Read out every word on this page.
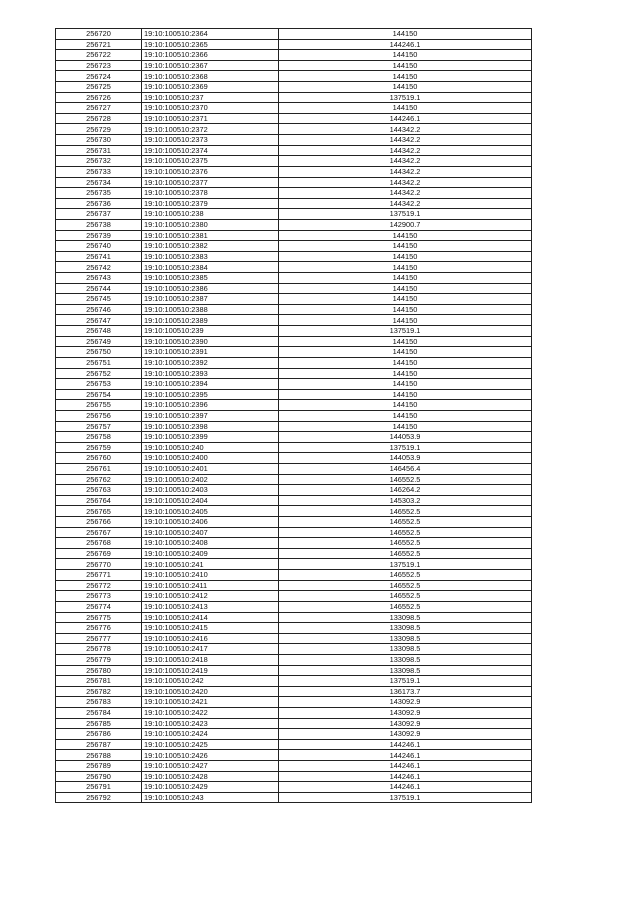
256720	19:10:100510:2364	144150
256721	19:10:100510:2365	144246.1
256722	19:10:100510:2366	144150
256723	19:10:100510:2367	144150
256724	19:10:100510:2368	144150
256725	19:10:100510:2369	144150
256726	19:10:100510:237	137519.1
256727	19:10:100510:2370	144150
256728	19:10:100510:2371	144246.1
256729	19:10:100510:2372	144342.2
256730	19:10:100510:2373	144342.2
256731	19:10:100510:2374	144342.2
256732	19:10:100510:2375	144342.2
256733	19:10:100510:2376	144342.2
256734	19:10:100510:2377	144342.2
256735	19:10:100510:2378	144342.2
256736	19:10:100510:2379	144342.2
256737	19:10:100510:238	137519.1
256738	19:10:100510:2380	142900.7
256739	19:10:100510:2381	144150
256740	19:10:100510:2382	144150
256741	19:10:100510:2383	144150
256742	19:10:100510:2384	144150
256743	19:10:100510:2385	144150
256744	19:10:100510:2386	144150
256745	19:10:100510:2387	144150
256746	19:10:100510:2388	144150
256747	19:10:100510:2389	144150
256748	19:10:100510:239	137519.1
256749	19:10:100510:2390	144150
256750	19:10:100510:2391	144150
256751	19:10:100510:2392	144150
256752	19:10:100510:2393	144150
256753	19:10:100510:2394	144150
256754	19:10:100510:2395	144150
256755	19:10:100510:2396	144150
256756	19:10:100510:2397	144150
256757	19:10:100510:2398	144150
256758	19:10:100510:2399	144053.9
256759	19:10:100510:240	137519.1
256760	19:10:100510:2400	144053.9
256761	19:10:100510:2401	146456.4
256762	19:10:100510:2402	146552.5
256763	19:10:100510:2403	146264.2
256764	19:10:100510:2404	145303.2
256765	19:10:100510:2405	146552.5
256766	19:10:100510:2406	146552.5
256767	19:10:100510:2407	146552.5
256768	19:10:100510:2408	146552.5
256769	19:10:100510:2409	146552.5
256770	19:10:100510:241	137519.1
256771	19:10:100510:2410	146552.5
256772	19:10:100510:2411	146552.5
256773	19:10:100510:2412	146552.5
256774	19:10:100510:2413	146552.5
256775	19:10:100510:2414	133098.5
256776	19:10:100510:2415	133098.5
256777	19:10:100510:2416	133098.5
256778	19:10:100510:2417	133098.5
256779	19:10:100510:2418	133098.5
256780	19:10:100510:2419	133098.5
256781	19:10:100510:242	137519.1
256782	19:10:100510:2420	136173.7
256783	19:10:100510:2421	143092.9
256784	19:10:100510:2422	143092.9
256785	19:10:100510:2423	143092.9
256786	19:10:100510:2424	143092.9
256787	19:10:100510:2425	144246.1
256788	19:10:100510:2426	144246.1
256789	19:10:100510:2427	144246.1
256790	19:10:100510:2428	144246.1
256791	19:10:100510:2429	144246.1
256792	19:10:100510:243	137519.1
